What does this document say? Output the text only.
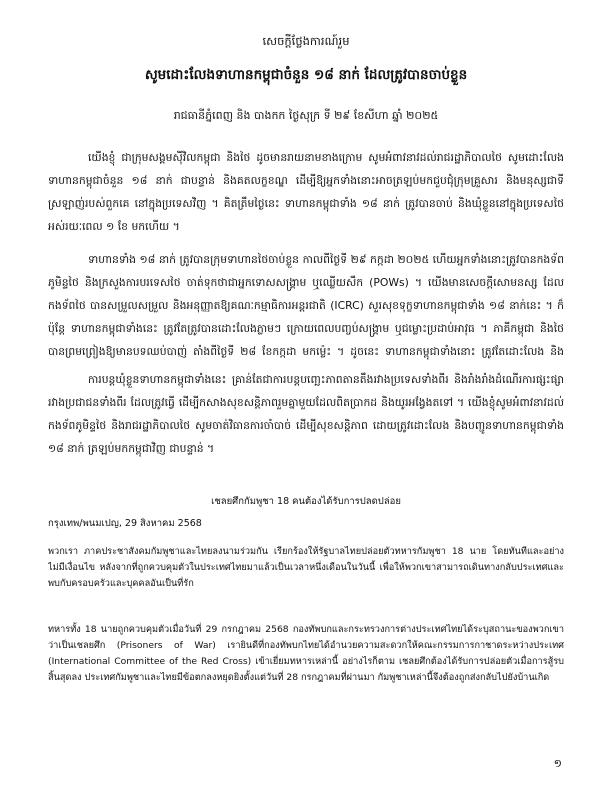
សេចក្តីថ្លែងការណ៍រួម
សូមដោះលែងទាហានកម្ពុជាចំនួន ១៨ នាក់ ដែលត្រូវបានចាប់ខ្លួន
រាជធានីភ្នំពេញ និង បាងកក ថ្ងៃសុក្រ ទី ២៩ ខែសីហា ឆ្នាំ ២០២៥

យើងខ្ញុំ ជាក្រុមសង្គមស៊ីវិលកម្ពុជា និងថៃ ដូចមានរាយនាមខាងក្រោម សូមអំពាវនាវដល់រាជរដ្ឋាភិបាលថៃ សូមដោះលែងទាហានកម្ពុជាចំនួន ១៨ នាក់ ជាបន្ទាន់ និងគតលក្ខខណ្ឌ ដើម្បីឱ្យអ្នកទាំងនោះអាចត្រឡប់មកជួបជុំក្រុមគ្រួសារ និងមនុស្សជាទីស្រឡាញ់របស់ពួកគេ នៅក្នុងប្រទេសវិញ ។ គិតត្រឹមថ្ងៃនេះ ទាហានកម្ពុជាទាំង ១៨ នាក់ ត្រូវបានចាប់ និងឃុំខ្លួននៅក្នុងប្រទេសថៃ អស់រយៈពេល ១ ខែ មកហើយ ។

ទាហានទាំង ១៨ នាក់ ត្រូវបានក្រុមទាហានថៃចាប់ខ្លួន កាលពីថ្ងៃទី ២៩ កក្កដា ២០២៥ ហើយអ្នកទាំងនោះត្រូវបានកងទ័ពភូមិន្ទថៃ និងក្រសួងការបរទេសថៃ ចាត់ទុកថាជាអ្នកទោសសង្គ្រាម ឬឈ្លើយសឹក (POWs) ។ យើងមានសេចក្តីសោមនស្ស ដែលកងទ័ពថៃ បានសម្រួលសម្រួល និងអនុញ្ញាតឱ្យគណៈកម្មាធិការអន្តរជាតិ (ICRC) សួរសុខទុក្ខទាហានកម្ពុជាទាំង ១៨ នាក់នេះ ។ ក៏ប៉ុន្តែ ទាហានកម្ពុជាទាំងនេះ ត្រូវតែត្រូវបានដោះលែងភ្លាមៗ ក្រោយពេលបញ្ចប់សង្គ្រាម ឬជម្លោះប្រដាប់អាវុធ ។ ភាគីកម្ពុជា និងថៃ បានព្រមព្រៀងឱ្យមានបទឈប់បាញ់ តាំងពីថ្ងៃទី ២៨ ខែកក្កដា មកម្ល៉េះ ។ ដូចនេះ ទាហានកម្ពុជាទាំងនោះ ត្រូវតែដោះលែង និង

ការបន្តឃុំខ្លួនទាហានកម្ពុជាទាំងនេះ គ្រាន់តែជាការបន្តបញ្ឆេះភាពតានតឹងរវាងប្រទេសទាំងពីរ និងរាំងរាំងដំណើរការផ្សះផ្សារវាងប្រជាជនទាំងពីរ ដែលត្រូវធ្វើ ដើម្បីកសាងសុខសន្តិភាពរួមគ្នាមួយដែលពិតប្រាកដ និងយូរអង្វែងតទៅ ។ យើងខ្ញុំសូមអំពាវនាវដល់កងទ័ពភូមិន្ទថៃ និងរាជរដ្ឋាភិបាលថៃ សូមចាត់វិធានការចាំបាច់ ដើម្បីសុខសន្តិភាព ដោយត្រូវដោះលែង និងបញ្ជូនទាហានកម្ពុជាទាំង ១៨ នាក់ ត្រឡប់មកកម្ពុជាវិញ ជាបន្ទាន់ ។

เชลยศึกกัมพูชา 18 คนต้องได้รับการปลดปล่อย
กรุงเทพ/พนมเปญ, 29 สิงหาคม 2568

พวกเรา ภาคประชาสังคมกัมพูชาและไทยลงนามร่วมกัน เรียกร้องให้รัฐบาลไทยปล่อยตัวทหารกัมพูชา 18 นาย โดยทันทีและอย่างไม่มีเงื่อนไข หลังจากที่ถูกควบคุมตัวในประเทศไทยมาแล้วเป็นเวลาหนึ่งเดือนในวันนี้ เพื่อให้พวกเขาสามารถเดินทางกลับประเทศและพบกับครอบครัวและบุคคลอันเป็นที่รัก

ทหารทั้ง 18 นายถูกควบคุมตัวเมื่อวันที่ 29 กรกฎาคม 2568 กองทัพบกและกระทรวงการต่างประเทศไทยได้ระบุสถานะของพวกเขาว่าเป็นเชลยศึก (Prisoners of War) เรายินดีที่กองทัพบกไทยได้อำนวยความสะดวกให้คณะกรรมการกาชาดระหว่างประเทศ (International Committee of the Red Cross) เข้าเยี่ยมทหารเหล่านี้ อย่างไรก็ตาม เชลยศึกต้องได้รับการปล่อยตัวเมื่อการสู้รบสิ้นสุดลง ประเทศกัมพูชาและไทยมีข้อตกลงหยุดยิงตั้งแต่วันที่ 28 กรกฎาคมที่ผ่านมา กัมพูชาเหล่านี้จึงต้องถูกส่งกลับไปยังบ้านเกิด

១
